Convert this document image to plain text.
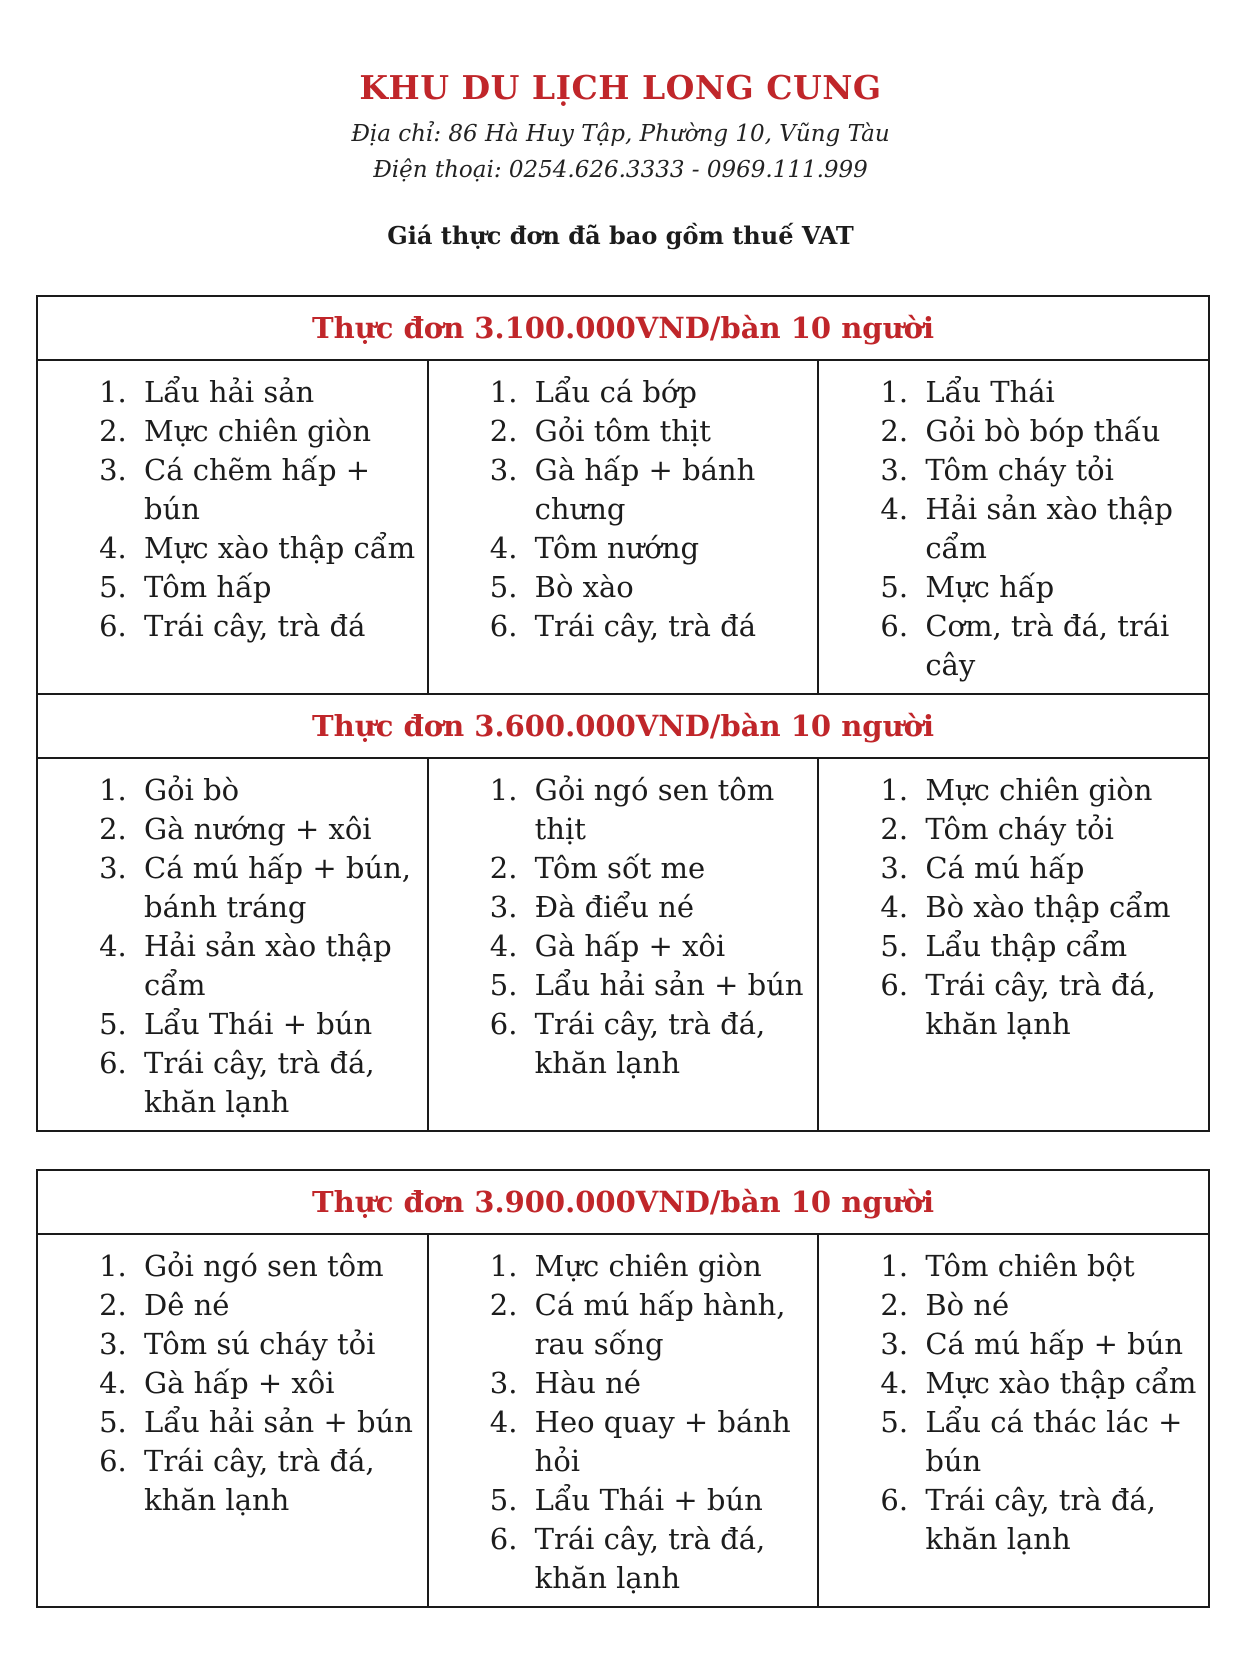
KHU DU LỊCH LONG CUNG

Địa chỉ: 86 Hà Huy Tập, Phường 10, Vũng Tàu

Điện thoại: 0254.626.3333 - 0969.111.999

Giá thực đơn đã bao gồm thuế VAT
Thực đơn 3.100.000VND/bàn 10 người

1. Lẩu hải sản
2. Mực chiên giòn
3. Cá chẽm hấp + bún
4. Mực xào thập cẩm
5. Tôm hấp
6. Trái cây, trà đá

1. Lẩu cá bớp
2. Gỏi tôm thịt
3. Gà hấp + bánh chưng
4. Tôm nướng
5. Bò xào
6. Trái cây, trà đá

1. Lẩu Thái
2. Gỏi bò bóp thấu
3. Tôm cháy tỏi
4. Hải sản xào thập cẩm
5. Mực hấp
6. Cơm, trà đá, trái cây
Thực đơn 3.600.000VND/bàn 10 người

1. Gỏi bò
2. Gà nướng + xôi
3. Cá mú hấp + bún, bánh tráng
4. Hải sản xào thập cẩm
5. Lẩu Thái + bún
6. Trái cây, trà đá, khăn lạnh

1. Gỏi ngó sen tôm thịt
2. Tôm sốt me
3. Đà điểu né
4. Gà hấp + xôi
5. Lẩu hải sản + bún
6. Trái cây, trà đá, khăn lạnh

1. Mực chiên giòn
2. Tôm cháy tỏi
3. Cá mú hấp
4. Bò xào thập cẩm
5. Lẩu thập cẩm
6. Trái cây, trà đá, khăn lạnh
Thực đơn 3.900.000VND/bàn 10 người

1. Gỏi ngó sen tôm
2. Dê né
3. Tôm sú cháy tỏi
4. Gà hấp + xôi
5. Lẩu hải sản + bún
6. Trái cây, trà đá, khăn lạnh

1. Mực chiên giòn
2. Cá mú hấp hành, rau sống
3. Hàu né
4. Heo quay + bánh hỏi
5. Lẩu Thái + bún
6. Trái cây, trà đá, khăn lạnh

1. Tôm chiên bột
2. Bò né
3. Cá mú hấp + bún
4. Mực xào thập cẩm
5. Lẩu cá thác lác + bún
6. Trái cây, trà đá, khăn lạnh
